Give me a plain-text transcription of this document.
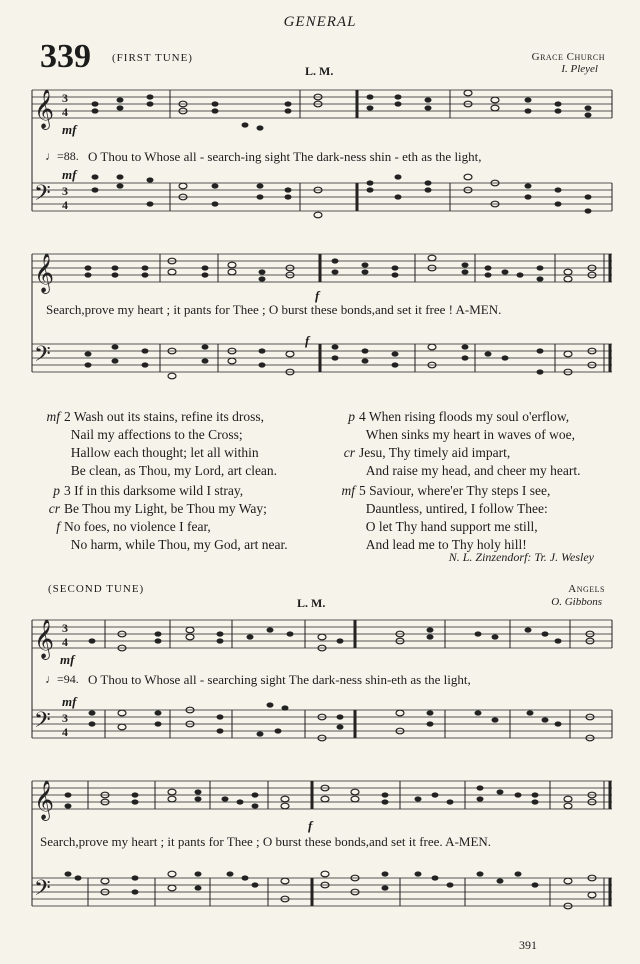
GENERAL
339 (FIRST TUNE)
L. M.
Grace Church
I. Pleyel
𝄞 3
4
𝄢 3
4
mf
♩=88. O Thou to Whose all - search-ing sight The dark-ness shin - eth as the light,
mf
𝄞
𝄢
f
Search,prove my heart ; it pants for Thee ; O burst these bonds,and set it free ! A-MEN.
f
mf 2 Wash out its stains, refine its dross,
Nail my affections to the Cross;
Hallow each thought; let all within
Be clean, as Thou, my Lord, art clean.
p 3 If in this darksome wild I stray,
cr Be Thou my Light, be Thou my Way;
f No foes, no violence I fear,
No harm, while Thou, my God, art near.
p 4 When rising floods my soul o'erflow,
When sinks my heart in waves of woe,
cr Jesu, Thy timely aid impart,
And raise my head, and cheer my heart.
mf 5 Saviour, where'er Thy steps I see,
Dauntless, untired, I follow Thee:
O let Thy hand support me still,
And lead me to Thy holy hill!
N. L. Zinzendorf: Tr. J. Wesley
(SECOND TUNE)
L. M.
Angels
O. Gibbons
𝄞 3
4
𝄢 3
4
mf
♩=94. O Thou to Whose all - searching sight The dark-ness shin-eth as the light,
mf
𝄞
𝄢
f
Search,prove my heart ; it pants for Thee ; O burst these bonds,and set it free. A-MEN.
391
